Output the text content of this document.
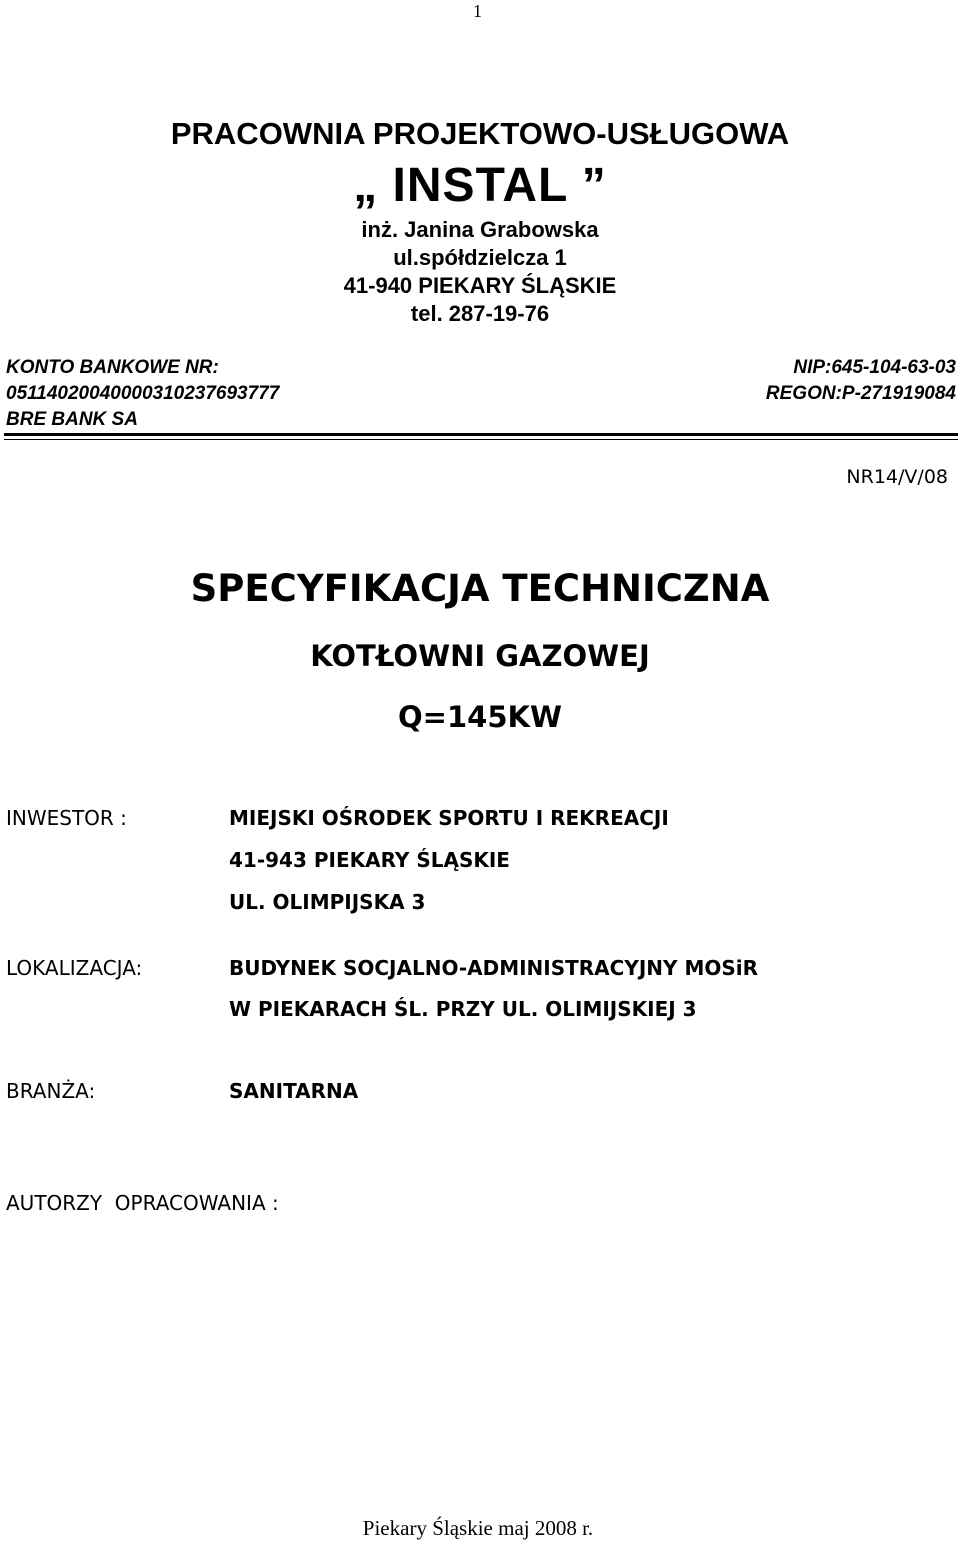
1
PRACOWNIA PROJEKTOWO-USŁUGOWA
„ INSTAL ”
inż. Janina Grabowska
ul.spółdzielcza 1
41-940 PIEKARY ŚLĄSKIE
tel. 287-19-76
KONTO BANKOWE NR:
05114020040000310237693777
BRE BANK SA
NIP:645-104-63-03
REGON:P-271919084
NR14/V/08
SPECYFIKACJA TECHNICZNA
KOTŁOWNI GAZOWEJ
Q=145KW
INWESTOR :	MIEJSKI OŚRODEK SPORTU I REKREACJI
41-943 PIEKARY ŚLĄSKIE
UL. OLIMPIJSKA 3
LOKALIZACJA:	BUDYNEK SOCJALNO-ADMINISTRACYJNY MOSiR
W PIEKARACH ŚL. PRZY UL. OLIMIJSKIEJ 3
BRANŻA:	SANITARNA
AUTORZY  OPRACOWANIA :
Piekary Śląskie maj 2008 r.
